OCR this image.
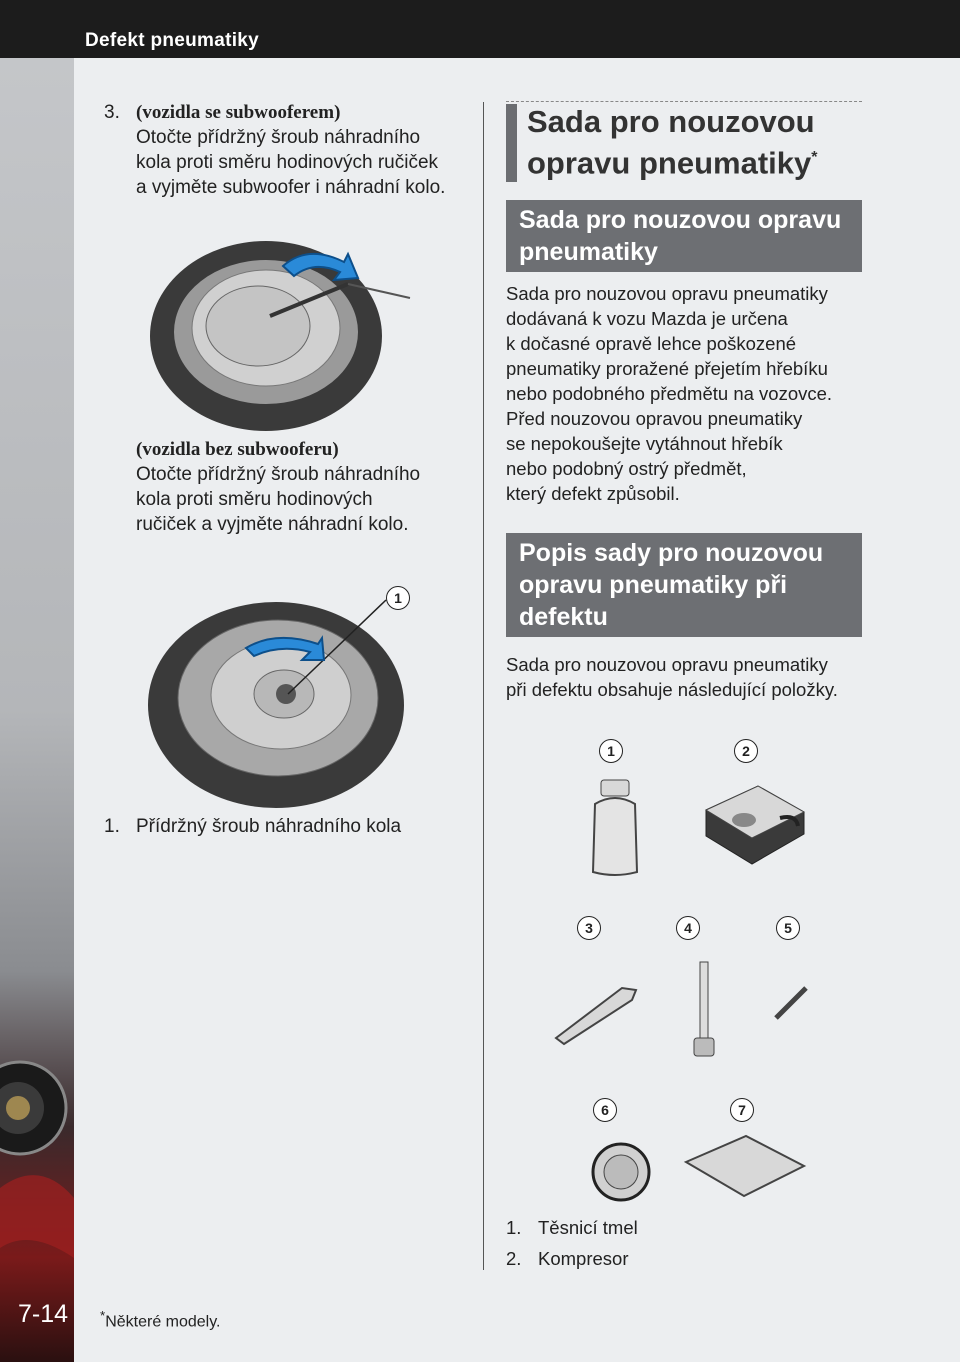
Defekt pneumatiky
7-14
3. (vozidla se subwooferem)
Otočte přídržný šroub náhradního
kola proti směru hodinových ručiček
a vyjměte subwoofer i náhradní kolo.
(vozidla bez subwooferu)
Otočte přídržný šroub náhradního
kola proti směru hodinových
ručiček a vyjměte náhradní kolo.
1
1. Přídržný šroub náhradního kola
Sada pro nouzovou
opravu pneumatiky*
Sada pro nouzovou opravu
pneumatiky
Sada pro nouzovou opravu pneumatiky
dodávaná k vozu Mazda je určena
k dočasné opravě lehce poškozené
pneumatiky proražené přejetím hřebíku
nebo podobného předmětu na vozovce.
Před nouzovou opravou pneumatiky
se nepokoušejte vytáhnout hřebík
nebo podobný ostrý předmět,
který defekt způsobil.
Popis sady pro nouzovou
opravu pneumatiky při
defektu
Sada pro nouzovou opravu pneumatiky
při defektu obsahuje následující položky.
1	2
3	4	5
6	7
1. Těsnicí tmel
2. Kompresor
*Některé modely.
